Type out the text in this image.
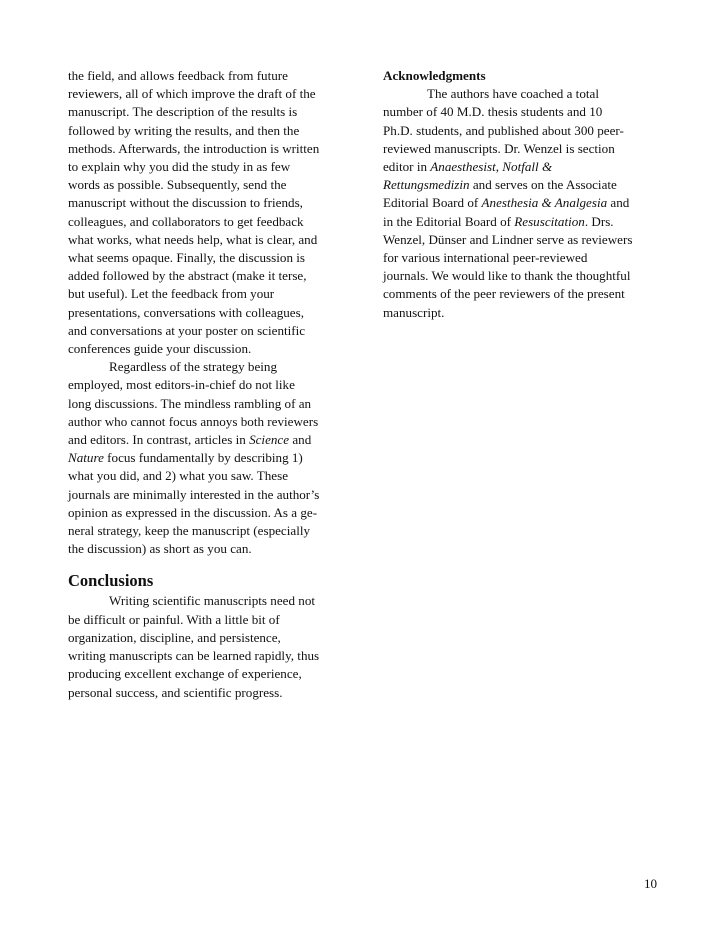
the field, and allows feedback from future
reviewers, all of which improve the draft of the
manuscript. The description of the results is
followed by writing the results, and then the
methods. Afterwards, the introduction is written
to explain why you did the study in as few
words as possible. Subsequently, send the
manuscript without the discussion to friends,
colleagues, and collaborators to get feedback
what works, what needs help, what is clear, and
what seems opaque. Finally, the discussion is
added followed by the abstract (make it terse,
but useful). Let the feedback from your
presentations, conversations with colleagues,
and conversations at your poster on scientific
conferences guide your discussion.
Regardless of the strategy being
employed, most editors-in-chief do not like
long discussions. The mindless rambling of an
author who cannot focus annoys both reviewers
and editors. In contrast, articles in Science and
Nature focus fundamentally by describing 1)
what you did, and 2) what you saw. These
journals are minimally interested in the author’s
opinion as expressed in the discussion. As a ge-
neral strategy, keep the manuscript (especially
the discussion) as short as you can.
Conclusions
Writing scientific manuscripts need not
be difficult or painful. With a little bit of
organization, discipline, and persistence,
writing manuscripts can be learned rapidly, thus
producing excellent exchange of experience,
personal success, and scientific progress.
Acknowledgments
The authors have coached a total
number of 40 M.D. thesis students and 10
Ph.D. students, and published about 300 peer-
reviewed manuscripts. Dr. Wenzel is section
editor in Anaesthesist, Notfall &
Rettungsmedizin and serves on the Associate
Editorial Board of Anesthesia & Analgesia and
in the Editorial Board of Resuscitation. Drs.
Wenzel, Dünser and Lindner serve as reviewers
for various international peer-reviewed
journals. We would like to thank the thoughtful
comments of the peer reviewers of the present
manuscript.
10
